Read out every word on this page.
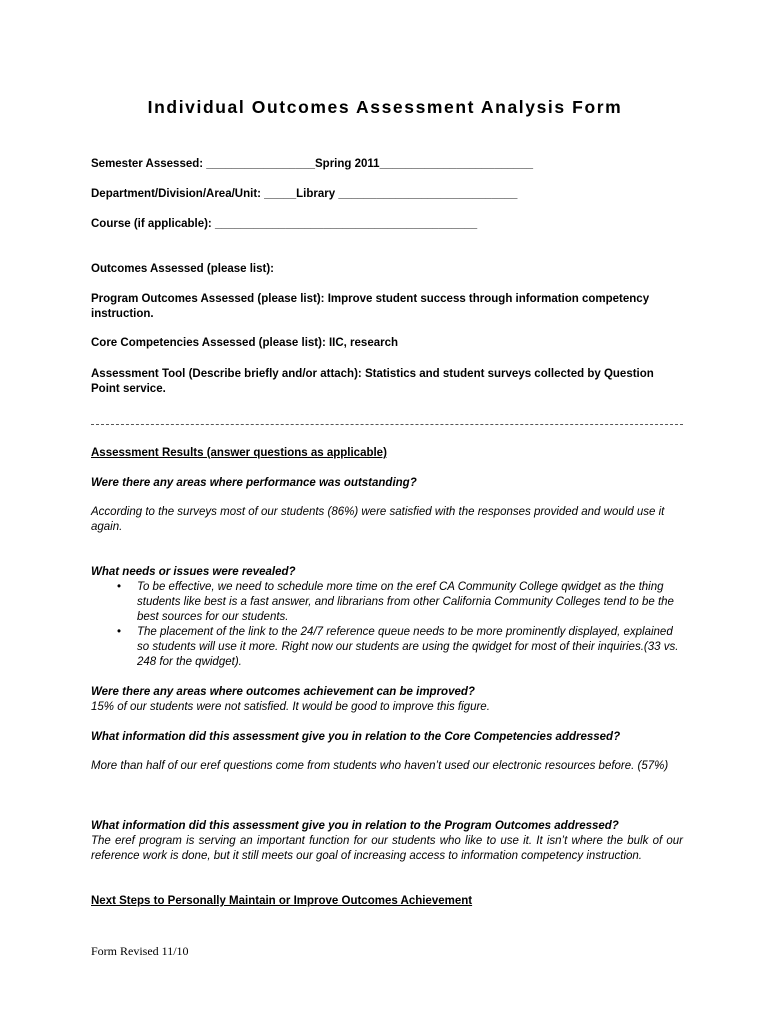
Individual Outcomes Assessment Analysis Form
Semester Assessed: _________________Spring 2011________________________
Department/Division/Area/Unit: _____Library ____________________________
Course (if applicable): _________________________________________
Outcomes Assessed (please list):
Program Outcomes Assessed (please list): Improve student success through information competency instruction.
Core Competencies Assessed (please list): IIC, research
Assessment Tool (Describe briefly and/or attach): Statistics and student surveys collected by Question Point service.
Assessment Results (answer questions as applicable)
Were there any areas where performance was outstanding?
According to the surveys most of our students (86%) were satisfied with the responses provided and would use it again.
What needs or issues were revealed?
• To be effective, we need to schedule more time on the eref CA Community College qwidget as the thing students like best is a fast answer, and librarians from other California Community Colleges tend to be the best sources for our students.
• The placement of the link to the 24/7 reference queue needs to be more prominently displayed, explained so students will use it more. Right now our students are using the qwidget for most of their inquiries.(33 vs. 248 for the qwidget).
Were there any areas where outcomes achievement can be improved?
15% of our students were not satisfied. It would be good to improve this figure.
What information did this assessment give you in relation to the Core Competencies addressed?
More than half of our eref questions come from students who haven’t used our electronic resources before. (57%)
What information did this assessment give you in relation to the Program Outcomes addressed?
The eref program is serving an important function for our students who like to use it. It isn’t where the bulk of our reference work is done, but it still meets our goal of increasing access to information competency instruction.
Next Steps to Personally Maintain or Improve Outcomes Achievement
Form Revised 11/10
